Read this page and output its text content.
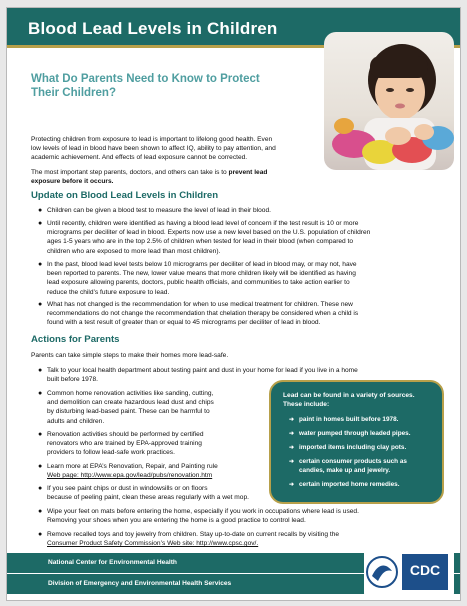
Blood Lead Levels in Children
What Do Parents Need to Know to Protect
Their Children?
Protecting children from exposure to lead is important to lifelong good health. Even
low levels of lead in blood have been shown to affect IQ, ability to pay attention, and
academic achievement. And effects of lead exposure cannot be corrected.
The most important step parents, doctors, and others can take is to prevent lead
exposure before it occurs.
Update on Blood Lead Levels in Children
● Children can be given a blood test to measure the level of lead in their blood.
● Until recently, children were identified as having a blood lead level of concern if the test result is 10 or more
micrograms per deciliter of lead in blood. Experts now use a new level based on the U.S. population of children
ages 1-5 years who are in the top 2.5% of children when tested for lead in their blood (when compared to
children who are exposed to more lead than most children).
● In the past, blood lead level tests below 10 micrograms per deciliter of lead in blood may, or may not, have
been reported to parents. The new, lower value means that more children likely will be identified as having
lead exposure allowing parents, doctors, public health officials, and communities to take action earlier to
reduce the child’s future exposure to lead.
● What has not changed is the recommendation for when to use medical treatment for children. These new
recommendations do not change the recommendation that chelation therapy be considered when a child is
found with a test result of greater than or equal to 45 micrograms per deciliter of lead in blood.
Actions for Parents
Parents can take simple steps to make their homes more lead-safe.
● Talk to your local health department about testing paint and dust in your home for lead if you live in a home
built before 1978.
● Common home renovation activities like sanding, cutting,
and demolition can create hazardous lead dust and chips
by disturbing lead-based paint. These can be harmful to
adults and children.
● Renovation activities should be performed by certified
renovators who are trained by EPA-approved training
providers to follow lead-safe work practices.
● Learn more at EPA’s Renovation, Repair, and Painting rule
Web page: http://www.epa.gov/lead/pubs/renovation.htm
● If you see paint chips or dust in windowsills or on floors
because of peeling paint, clean these areas regularly with a wet mop.
● Wipe your feet on mats before entering the home, especially if you work in occupations where lead is used.
Removing your shoes when you are entering the home is a good practice to control lead.
● Remove recalled toys and toy jewelry from children. Stay up-to-date on current recalls by visiting the
Consumer Product Safety Commission’s Web site: http://www.cpsc.gov/.
Lead can be found in a variety of sources.
These include:
➜ paint in homes built before 1978.
➜ water pumped through leaded pipes.
➜ imported items including clay pots.
➜ certain consumer products such as
candies, make up and jewelry.
➜ certain imported home remedies.
National Center for Environmental Health
Division of Emergency and Environmental Health Services
CDC
